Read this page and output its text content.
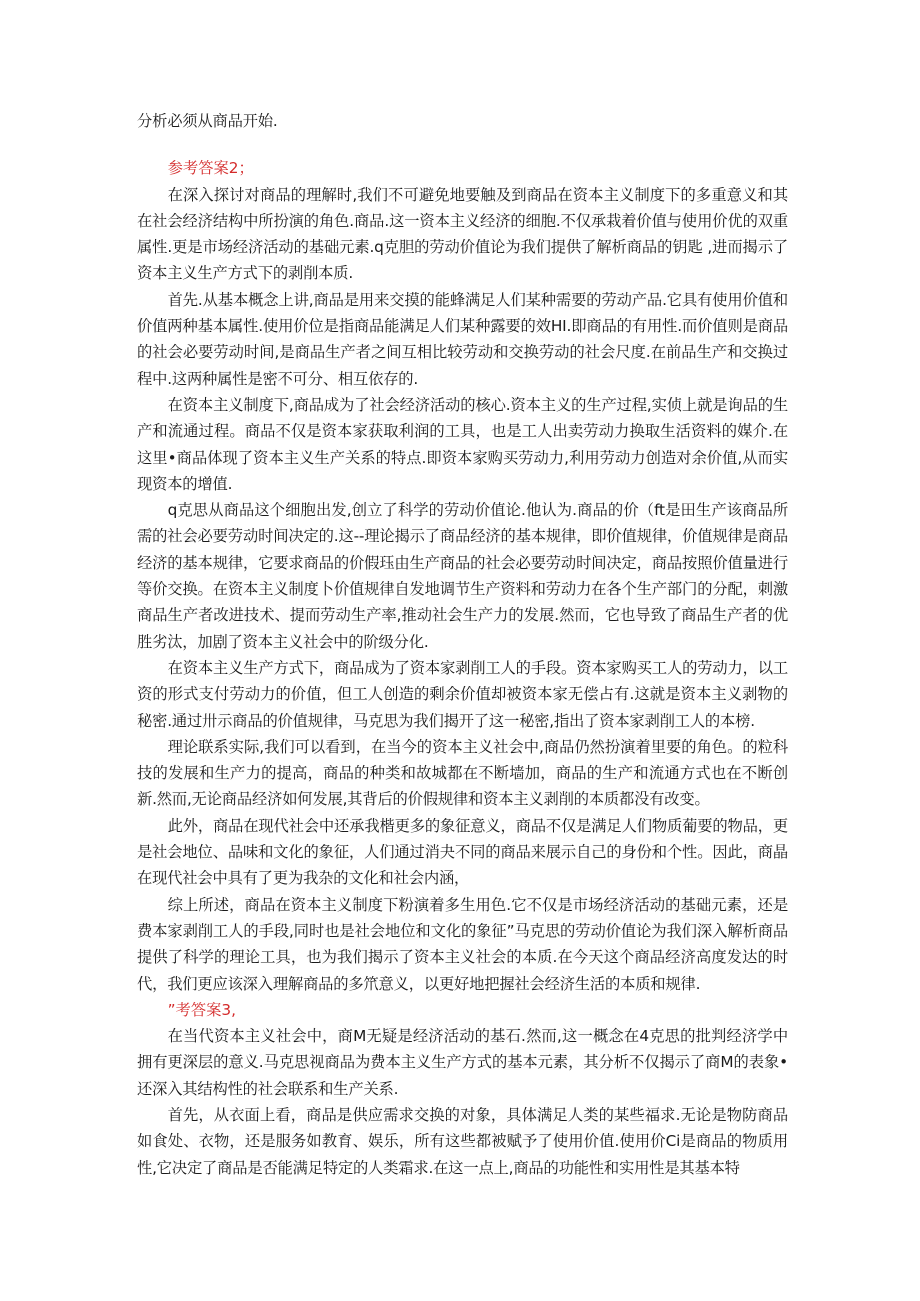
分析必须从商品开始.

参考答案2；

在深入探讨对商品的理解时,我们不可避免地要触及到商品在资本主义制度下的多重意义和其在社会经济结构中所扮演的角色.商品.这一资本主义经济的细胞.不仅承栽着价值与使用价优的双重属性.更是市场经济活动的基础元素.q克胆的劳动价值论为我们提供了解析商品的钥匙 ,进而揭示了资本主义生产方式下的剥削本质.

首先.从基本概念上讲,商品是用来交摸的能蜂满足人们某种需要的劳动产品.它具有使用价值和价值两种基本属性.使用价位是指商品能满足人们某种露要的效HI.即商品的有用性.而价值则是商品的社会必要劳动时间,是商品生产者之间互相比较劳动和交换劳动的社会尺度.在前品生产和交换过程中.这两种属性是密不可分、相互依存的.

在资本主义制度下,商品成为了社会经济活动的核心.资本主义的生产过程,实侦上就是询品的生产和流通过程。商品不仅是资本家获取利润的工具，也是工人出卖劳动力换取生活资料的媒介.在这里•商品体现了资本主义生产关系的特点.即资本家购买劳动力,利用劳动力创造对余价值,从而实现资本的增值.

q克思从商品这个细胞出发,创立了科学的劳动价值论.他认为.商品的价（ft是田生产该商品所需的社会必要劳动时间决定的.这--理论揭示了商品经济的基本规律，即价值规律，价值规律是商品经济的基本规律，它要求商品的价假珏由生产商品的社会必要劳动时间决定，商品按照价值量进行等价交换。在资本主义制度卜价值规律自发地调节生产资料和劳动力在各个生产部门的分配，刺激商品生产者改进技术、提而劳动生产率,推动社会生产力的发展.然而，它也导致了商品生产者的优胜劣汰，加剧了资本主义社会中的阶级分化.

在资本主义生产方式下，商品成为了资本家剥削工人的手段。资本家购买工人的劳动力，以工资的形式支付劳动力的价值，但工人创造的剩余价值却被资本家无偿占有.这就是资本主义剥物的秘密.通过卅示商品的价值规律，马克思为我们揭开了这一秘密,指出了资本家剥削工人的本榜.

理论联系实际,我们可以看到，在当今的资本主义社会中,商品仍然扮演着里要的角色。的粒科技的发展和生产力的提高，商品的种类和故城都在不断墙加，商品的生产和流通方式也在不断创新.然而,无论商品经济如何发展,其背后的价假规律和资本主义剥削的本质都没有改变。

此外，商品在现代社会中还承我楷更多的象征意义，商品不仅是满足人们物质葡要的物品，更是社会地位、品味和文化的象征，人们通过消夬不同的商品来展示自己的身份和个性。因此，商晶在现代社会中具有了更为我杂的文化和社会内涵，

综上所述，商品在资本主义制度下粉演着多生用色.它不仅是市场经济活动的基础元素，还是费本家剥削工人的手段,同时也是社会地位和文化的象征”马克思的劳动价值论为我们深入解析商品提供了科学的理论工具，也为我们揭示了资本主义社会的本质.在今天这个商品经济高度发达的时代，我们更应该深入理解商品的多笊意义，以更好地把握社会经济生活的本质和规律.

”考答案3,

在当代资本主义社会中，商M无疑是经济活动的基石.然而,这一概念在4克思的批判经济学中拥有更深层的意义.马克思视商品为费本主义生产方式的基本元素，其分析不仅揭示了商M的表象•还深入其结构性的社会联系和生产关系.

首先，从衣面上看，商品是供应需求交换的对象，具体满足人类的某些福求.无论是物防商品如食处、衣物，还是服务如教育、娱乐，所有这些都被赋予了使用价值.使用价Ci是商品的物质用性,它决定了商品是否能满足特定的人类霜求.在这一点上,商品的功能性和实用性是其基本特
